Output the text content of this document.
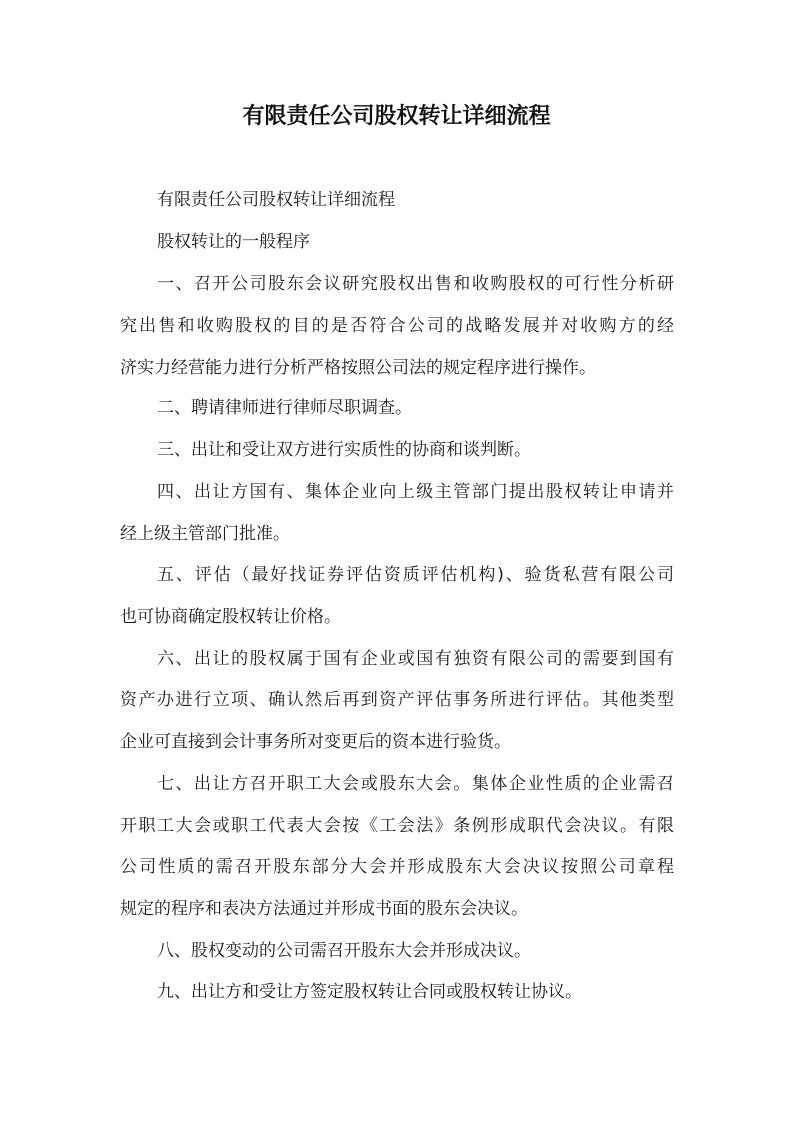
有限责任公司股权转让详细流程
有限责任公司股权转让详细流程
股权转让的一般程序
一、召开公司股东会议研究股权出售和收购股权的可行性分析研
究出售和收购股权的目的是否符合公司的战略发展并对收购方的经
济实力经营能力进行分析严格按照公司法的规定程序进行操作。
二、聘请律师进行律师尽职调查。
三、出让和受让双方进行实质性的协商和谈判断。
四、出让方国有、集体企业向上级主管部门提出股权转让申请并
经上级主管部门批准。
五、评估（最好找证券评估资质评估机构)、验货私营有限公司
也可协商确定股权转让价格。
六、出让的股权属于国有企业或国有独资有限公司的需要到国有
资产办进行立项、确认然后再到资产评估事务所进行评估。其他类型
企业可直接到会计事务所对变更后的资本进行验货。
七、出让方召开职工大会或股东大会。集体企业性质的企业需召
开职工大会或职工代表大会按《工会法》条例形成职代会决议。有限
公司性质的需召开股东部分大会并形成股东大会决议按照公司章程
规定的程序和表决方法通过并形成书面的股东会决议。
八、股权变动的公司需召开股东大会并形成决议。
九、出让方和受让方签定股权转让合同或股权转让协议。
